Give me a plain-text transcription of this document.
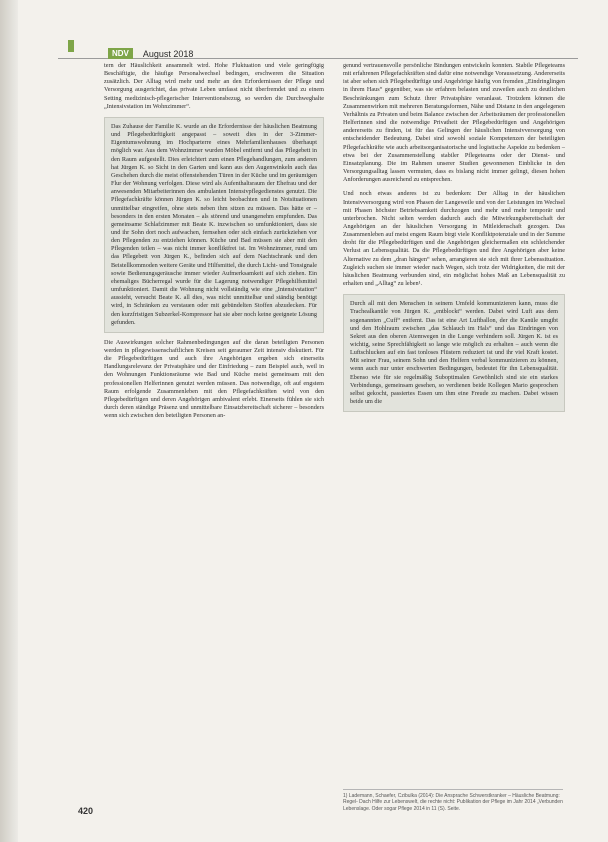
NDV	August 2018

tern der Häuslichkeit ansammelt wird. Hohe Fluktuation und viele geringfügig Beschäftigte, die häufige Personalwechsel bedingen, erschweren die Situation zusätzlich. Der Alltag wird mehr und mehr an den Erfordernissen der Pflege und Versorgung ausgerichtet, das private Leben umfasst nicht überfremdet und zu einem Setting medizinisch-pflegerischer Interventionsbezug, so werden die Durchweghalte „Intensivstation im Wohnzimmer“.

Das Zuhause der Familie K. wurde an die Erfordernisse der häuslichen Beatmung und Pflegebedürftigkeit angepasst – soweit dies in der 3-Zimmer-Eigentumswohnung im Hochparterre eines Mehrfamilienhauses überhaupt möglich war. Aus dem Wohnzimmer wurden Möbel entfernt und das Pflegebett in den Raum aufgestellt. Dies erleichtert zum einen Pflegehandlungen, zum anderen hat Jürgen K. so Sicht in den Garten und kann aus den Augenwinkeln auch das Geschehen durch die meist offenstehenden Türen in der Küche und im geräumigen Flur der Wohnung verfolgen. Diese wird als Aufenthaltsraum der Ehefrau und der anwesenden Mitarbeiterinnen des ambulanten Intensivpflegedienstes genutzt. Die Pflegefachkräfte können Jürgen K. so leicht beobachten und in Notsituationen unmittelbar eingreifen, ohne stets neben ihm sitzen zu müssen. Das hätte er – besonders in den ersten Monaten – als störend und unangenehm empfunden. Das gemeinsame Schlafzimmer mit Beate K. inzwischen so umfunktioniert, dass sie und ihr Sohn dort noch aufwachen, fernsehen oder sich einfach zurückziehen vor den Pflegenden zu entziehen können. Küche und Bad müssen sie aber mit den Pflegenden teilen – was nicht immer konfliktfrei ist. Im Wohnzimmer, rund um das Pflegebett von Jürgen K., befinden sich auf dem Nachtschrank und den Beistellkommoden weitere Geräte und Hilfsmittel, die durch Licht- und Tonsignale sowie Bedienungsgeräusche immer wieder Aufmerksamkeit auf sich ziehen. Ein ehemaliges Bücherregal wurde für die Lagerung notwendiger Pflegehilfsmittel umfunktioniert. Damit die Wohnung nicht vollständig wie eine „Intensivstation“ aussieht, versucht Beate K. all dies, was nicht unmittelbar und ständig benötigt wird, in Schränken zu verstauen oder mit gebündelten Stoffen abzudecken. Für den kurzfristigen Subzerkel-Kompressor hat sie aber noch keine geeignete Lösung gefunden.

Die Auswirkungen solcher Rahmenbedingungen auf die daran beteiligten Personen werden in pflegewissenschaftlichen Kreisen seit geraumer Zeit intensiv diskutiert. Für die Pflegebedürftigen und auch ihre Angehörigen ergeben sich einerseits Handlungsrelevanz der Privatsphäre und der Einfriedung – zum Beispiel auch, weil in den Wohnungen Funktionsräume wie Bad und Küche meist gemeinsam mit den professionellen Helferinnen genutzt werden müssen. Das notwendige, oft auf engstem Raum erfolgende Zusammenleben mit den Pflegefachkräften wird von den Pflegebedürftigen und deren Angehörigen ambivalent erlebt. Einerseits fühlen sie sich durch deren ständige Präsenz und unmittelbare Einsatzbereitschaft sicherer – besonders wenn sich zwischen den beteiligten Personen an-

genund vertrauensvolle persönliche Bindungen entwickeln konnten. Stabile Pflegeteams mit erfahrenen Pflegefachkräften sind dafür eine notwendige Voraussetzung. Andererseits ist aber sehen sich Pflegebedürftige und Angehörige häufig von fremden „Eindringlingen in ihrem Haus“ gegenüber, was sie erfahren belasten und zuweilen auch zu deutlichen Beschränkungen zum Schutz ihrer Privatsphäre veranlasst. Trotzdem können die Zusammenwirken mit mehreren Beratungsformen, Nähe und Distanz in den angelegenen Verhältnis zu Privaten und beim Balance zwischen der Arbeitsräumen der professionellen Helferinnen sind die notwendige Privatheit der Pflegebedürftigen und Angehörigen andererseits zu finden, ist für das Gelingen der häuslichen Intensivversorgung von entscheidender Bedeutung. Dabei sind sowohl soziale Kompetenzen der beteiligten Pflegefachkräfte wie auch arbeitsorganisatorische und logistische Aspekte zu bedenken – etwa bei der Zusammenstellung stabiler Pflegeteams oder der Dienst- und Einsatzplanung. Die im Rahmen unserer Studien gewonnenen Einblicke in den Versorgungsalltag lassen vermuten, dass es bislang nicht immer gelingt, diesen hohen Anforderungen ausreichend zu entsprechen.

Und noch etwas anderes ist zu bedenken: Der Alltag in der häuslichen Intensivversorgung wird von Phasen der Langeweile und von der Leistungen im Wechsel mit Phasen höchster Betriebsamkeit durchzogen und mehr und mehr temporär und unterbrochen. Nicht selten werden dadurch auch die Mitwirkungsbereitschaft der Angehörigen an der häuslichen Versorgung in Mitleidenschaft gezogen. Das Zusammenleben auf meist engem Raum birgt viele Konfliktpotenziale und in der Summe droht für die Pflegebedürftigen und die Angehörigen gleichermaßen ein schleichender Verlust an Lebensqualität. Da die Pflegebedürftigen und ihre Angehörigen aber keine Alternative zu dem „dran hängen“ sehen, arrangieren sie sich mit ihrer Lebenssituation. Zugleich suchen sie immer wieder nach Wegen, sich trotz der Widrigkeiten, die mit der häuslichen Beatmung verbunden sind, ein möglichst hohes Maß an Lebensqualität zu erhalten und „Alltag“ zu leben¹.

Durch all mit den Menschen in seinem Umfeld kommunizieren kann, muss die Trachealkanüle von Jürgen K. „entblockt“ werden. Dabei wird Luft aus dem sogenannten „Cuff“ entfernt. Das ist eine Art Luftballon, der die Kanüle umgibt und den Hohlraum zwischen „das Schlauch im Hals“ und das Eindringen von Sekret aus den oberen Atemwegen in die Lunge verhindern soll. Jürgen K. ist es wichtig, seine Sprechfähigkeit so lange wie möglich zu erhalten – auch wenn die Luftschlucken auf ein fast tonloses Flüstern reduziert ist und ihr viel Kraft kostet. Mit seiner Frau, seinem Sohn und den Helfern verbal kommunizieren zu können, wenn auch nur unter erschwerten Bedingungen, bedeutet für ihn Lebensqualität. Ebenso wie für sie regelmäßig Suboptimalen Gewöhnlich sind sie ein starkes Verbindungs, gemeinsam gesehen, so verdienen beide Kollegen Mario gesprochen selbst gekocht, passiertes Essen um ihm eine Freude zu machen. Dabei wissen beide um die

1) Lademann, Schaefer, Czibulka (2014): Die Ansprache Schwerstkranker – Häusliche Beatmung: Regel- Dach Hilfe zur Lebenswelt, die rechte nicht: Publikation der Pflege im Jahr 2014 „Verbunden Lebenslage. Oder sogar Pflege 2014 in 11 (S). Seite.
420
